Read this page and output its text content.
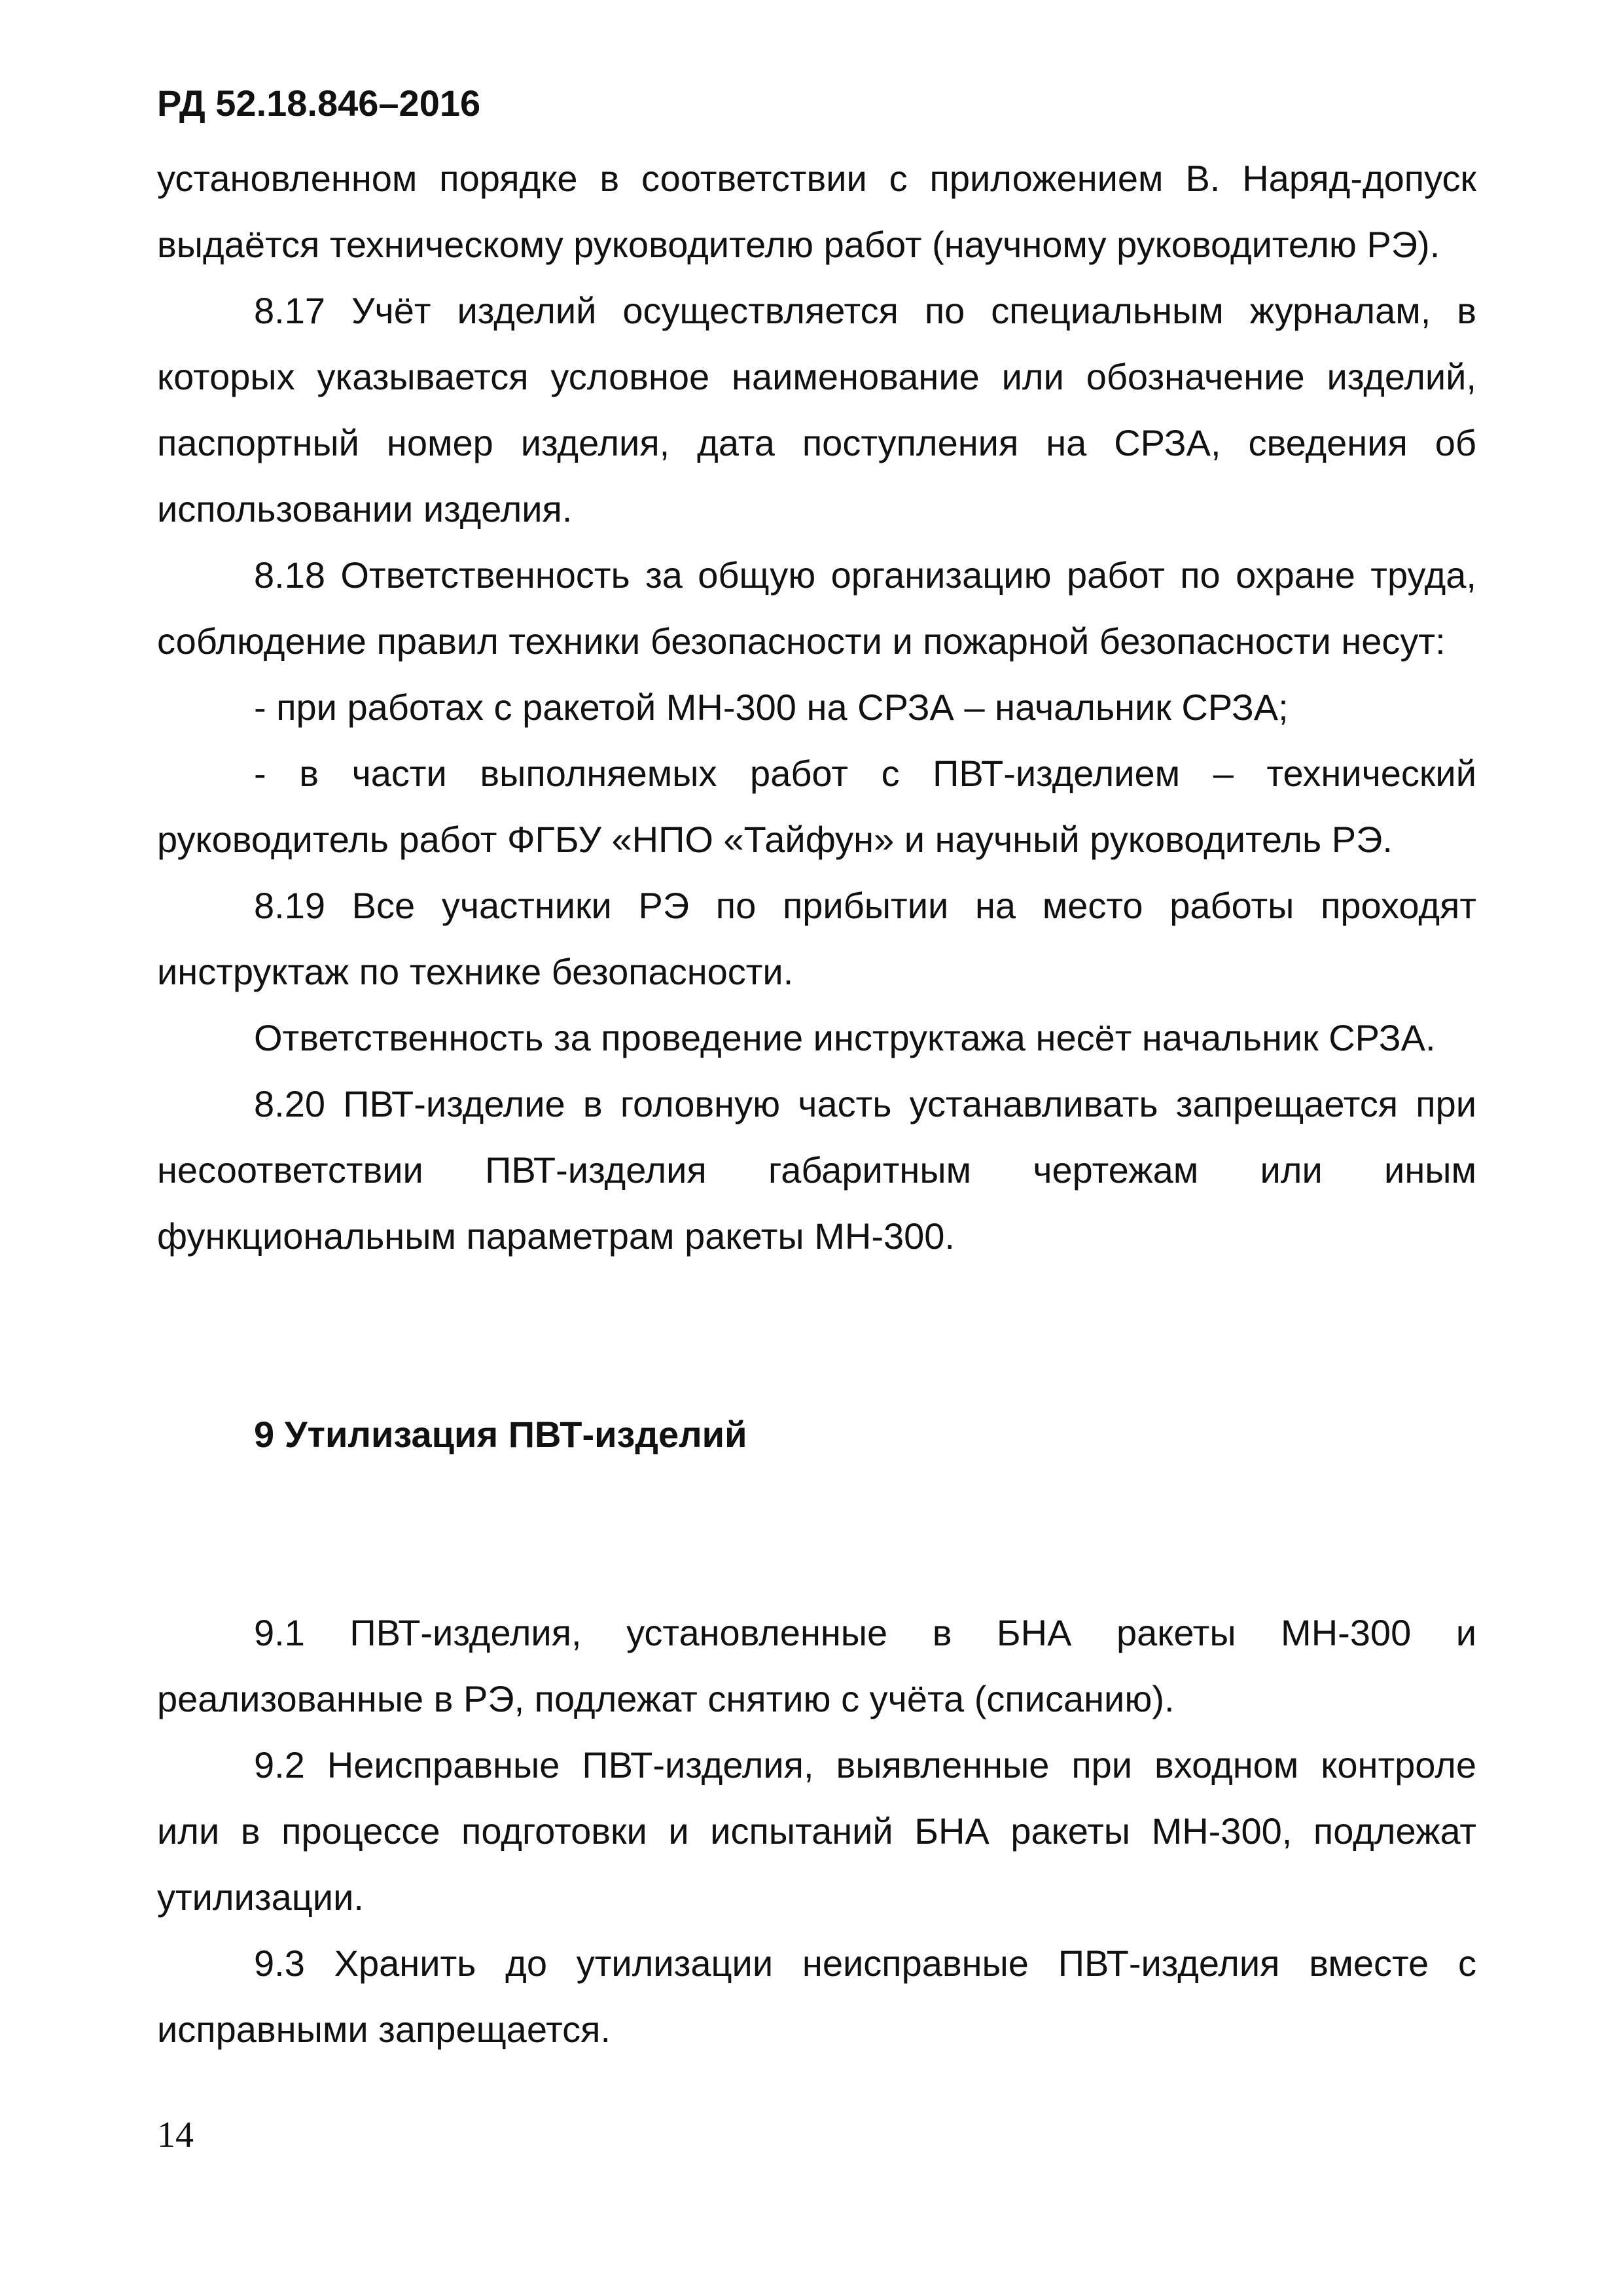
РД 52.18.846–2016

установленном порядке в соответствии с приложением В. Наряд-допуск выдаётся техническому руководителю работ (научному руководителю РЭ).

8.17 Учёт изделий осуществляется по специальным журналам, в которых указывается условное наименование или обозначение изделий, паспортный номер изделия, дата поступления на СРЗА, сведения об использовании изделия.

8.18 Ответственность за общую организацию работ по охране труда, соблюдение правил техники безопасности и пожарной безопасности несут:

- при работах с ракетой МН-300 на СРЗА – начальник СРЗА;

- в части выполняемых работ с ПВТ-изделием – технический руководитель работ ФГБУ «НПО «Тайфун» и научный руководитель РЭ.

8.19 Все участники РЭ по прибытии на место работы проходят инструктаж по технике безопасности.

Ответственность за проведение инструктажа несёт начальник СРЗА.

8.20 ПВТ-изделие в головную часть устанавливать запрещается при несоответствии ПВТ-изделия габаритным чертежам или иным функциональным параметрам ракеты МН-300.

9 Утилизация ПВТ-изделий

9.1 ПВТ-изделия, установленные в БНА ракеты МН-300 и реализованные в РЭ, подлежат снятию с учёта (списанию).

9.2 Неисправные ПВТ-изделия, выявленные при входном контроле или в процессе подготовки и испытаний БНА ракеты МН-300, подлежат утилизации.

9.3 Хранить до утилизации неисправные ПВТ-изделия вместе с исправными запрещается.

14
